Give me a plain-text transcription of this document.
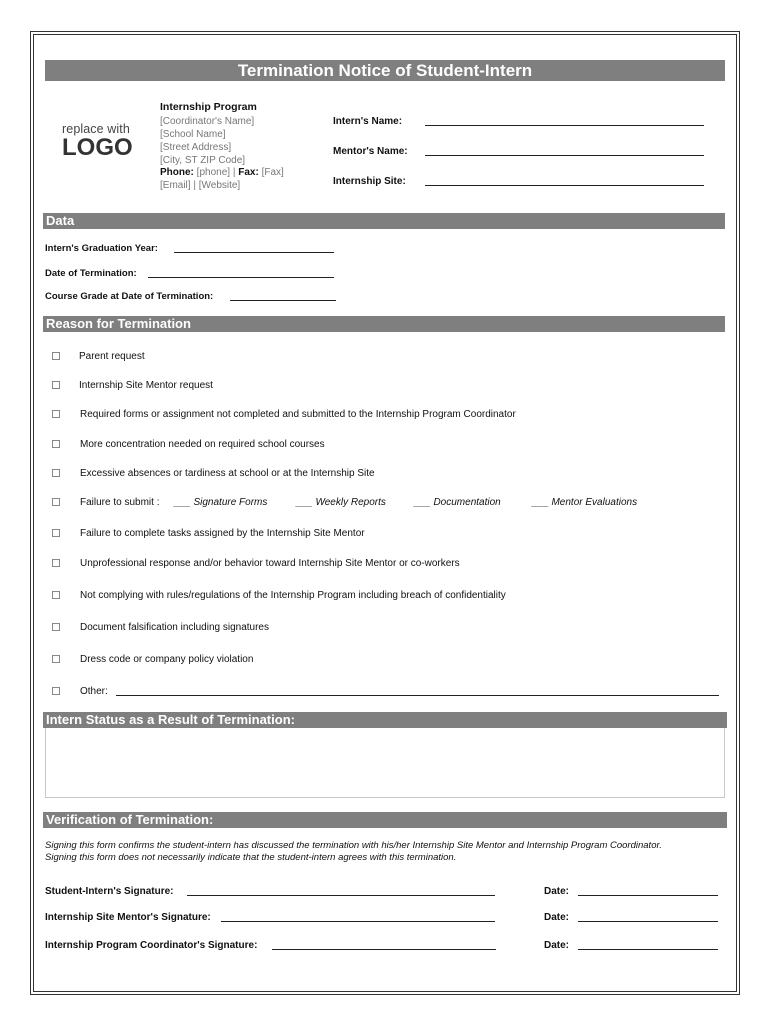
Termination Notice of Student-Intern
replace with
LOGO
Internship Program
[Coordinator's Name]
[School Name]
[Street Address]
[City, ST ZIP Code]
Phone: [phone] | Fax: [Fax]
[Email] | [Website]
Intern's Name:
Mentor's Name:
Internship Site:
Data
Intern's Graduation Year:
Date of Termination:
Course Grade at Date of Termination:
Reason for Termination
Parent request
Internship Site Mentor request
Required forms or assignment not completed and submitted to the Internship Program Coordinator
More concentration needed on required school courses
Excessive absences or tardiness at school or at the Internship Site
Failure to submit : ___ Signature Forms	___ Weekly Reports	___ Documentation	___ Mentor Evaluations
Failure to complete tasks assigned by the Internship Site Mentor
Unprofessional response and/or behavior toward Internship Site Mentor or co-workers
Not complying with rules/regulations of the Internship Program including breach of confidentiality
Document falsification including signatures
Dress code or company policy violation
Other:
Intern Status as a Result of Termination:
Verification of Termination:
Signing this form confirms the student-intern has discussed the termination with his/her Internship Site Mentor and Internship Program Coordinator.
Signing this form does not necessarily indicate that the student-intern agrees with this termination.
Student-Intern's Signature:	Date:
Internship Site Mentor's Signature:	Date:
Internship Program Coordinator's Signature:	Date:
